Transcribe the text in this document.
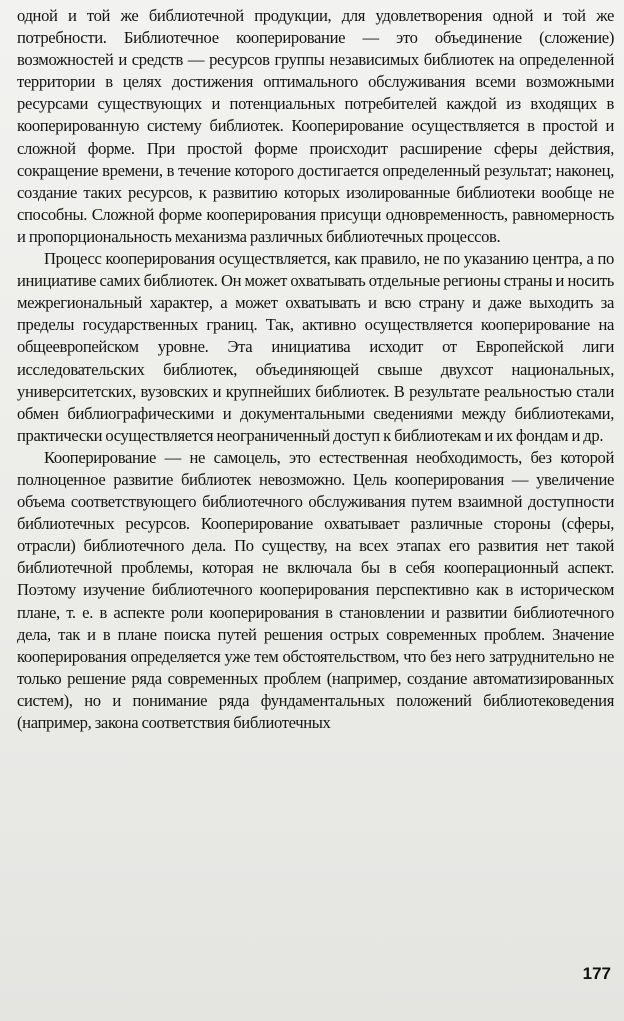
одной и той же библиотечной продукции, для удовлетворения одной и той же потребности. Библиотечное кооперирование — это объединение (сложение) возможностей и средств — ресурсов группы независимых библиотек на определенной территории в целях достижения оптимального обслуживания всеми возможными ресурсами существующих и потенциальных потребителей каждой из входящих в кооперированную систему библиотек. Кооперирование осуществляется в простой и сложной форме. При простой форме происходит расширение сферы действия, сокращение времени, в течение которого достигается определенный результат; наконец, создание таких ресурсов, к развитию которых изолированные библиотеки вообще не способны. Сложной форме кооперирования присущи одновременность, равномерность и пропорциональность механизма различных библиотечных процессов.

Процесс кооперирования осуществляется, как правило, не по указанию центра, а по инициативе самих библиотек. Он может охватывать отдельные регионы страны и носить межрегиональный характер, а может охватывать и всю страну и даже выходить за пределы государственных границ. Так, активно осуществляется кооперирование на общеевропейском уровне. Эта инициатива исходит от Европейской лиги исследовательских библиотек, объединяющей свыше двухсот национальных, университетских, вузовских и крупнейших библиотек. В результате реальностью стали обмен библиографическими и документальными сведениями между библиотеками, практически осуществляется неограниченный доступ к библиотекам и их фондам и др.

Кооперирование — не самоцель, это естественная необходимость, без которой полноценное развитие библиотек невозможно. Цель кооперирования — увеличение объема соответствующего библиотечного обслуживания путем взаимной доступности библиотечных ресурсов. Кооперирование охватывает различные стороны (сферы, отрасли) библиотечного дела. По существу, на всех этапах его развития нет такой библиотечной проблемы, которая не включала бы в себя кооперационный аспект. Поэтому изучение библиотечного кооперирования перспективно как в историческом плане, т. е. в аспекте роли кооперирования в становлении и развитии библиотечного дела, так и в плане поиска путей решения острых современных проблем. Значение кооперирования определяется уже тем обстоятельством, что без него затруднительно не только решение ряда современных проблем (например, создание автоматизированных систем), но и понимание ряда фундаментальных положений библиотековедения (например, закона соответствия библиотечных

177
